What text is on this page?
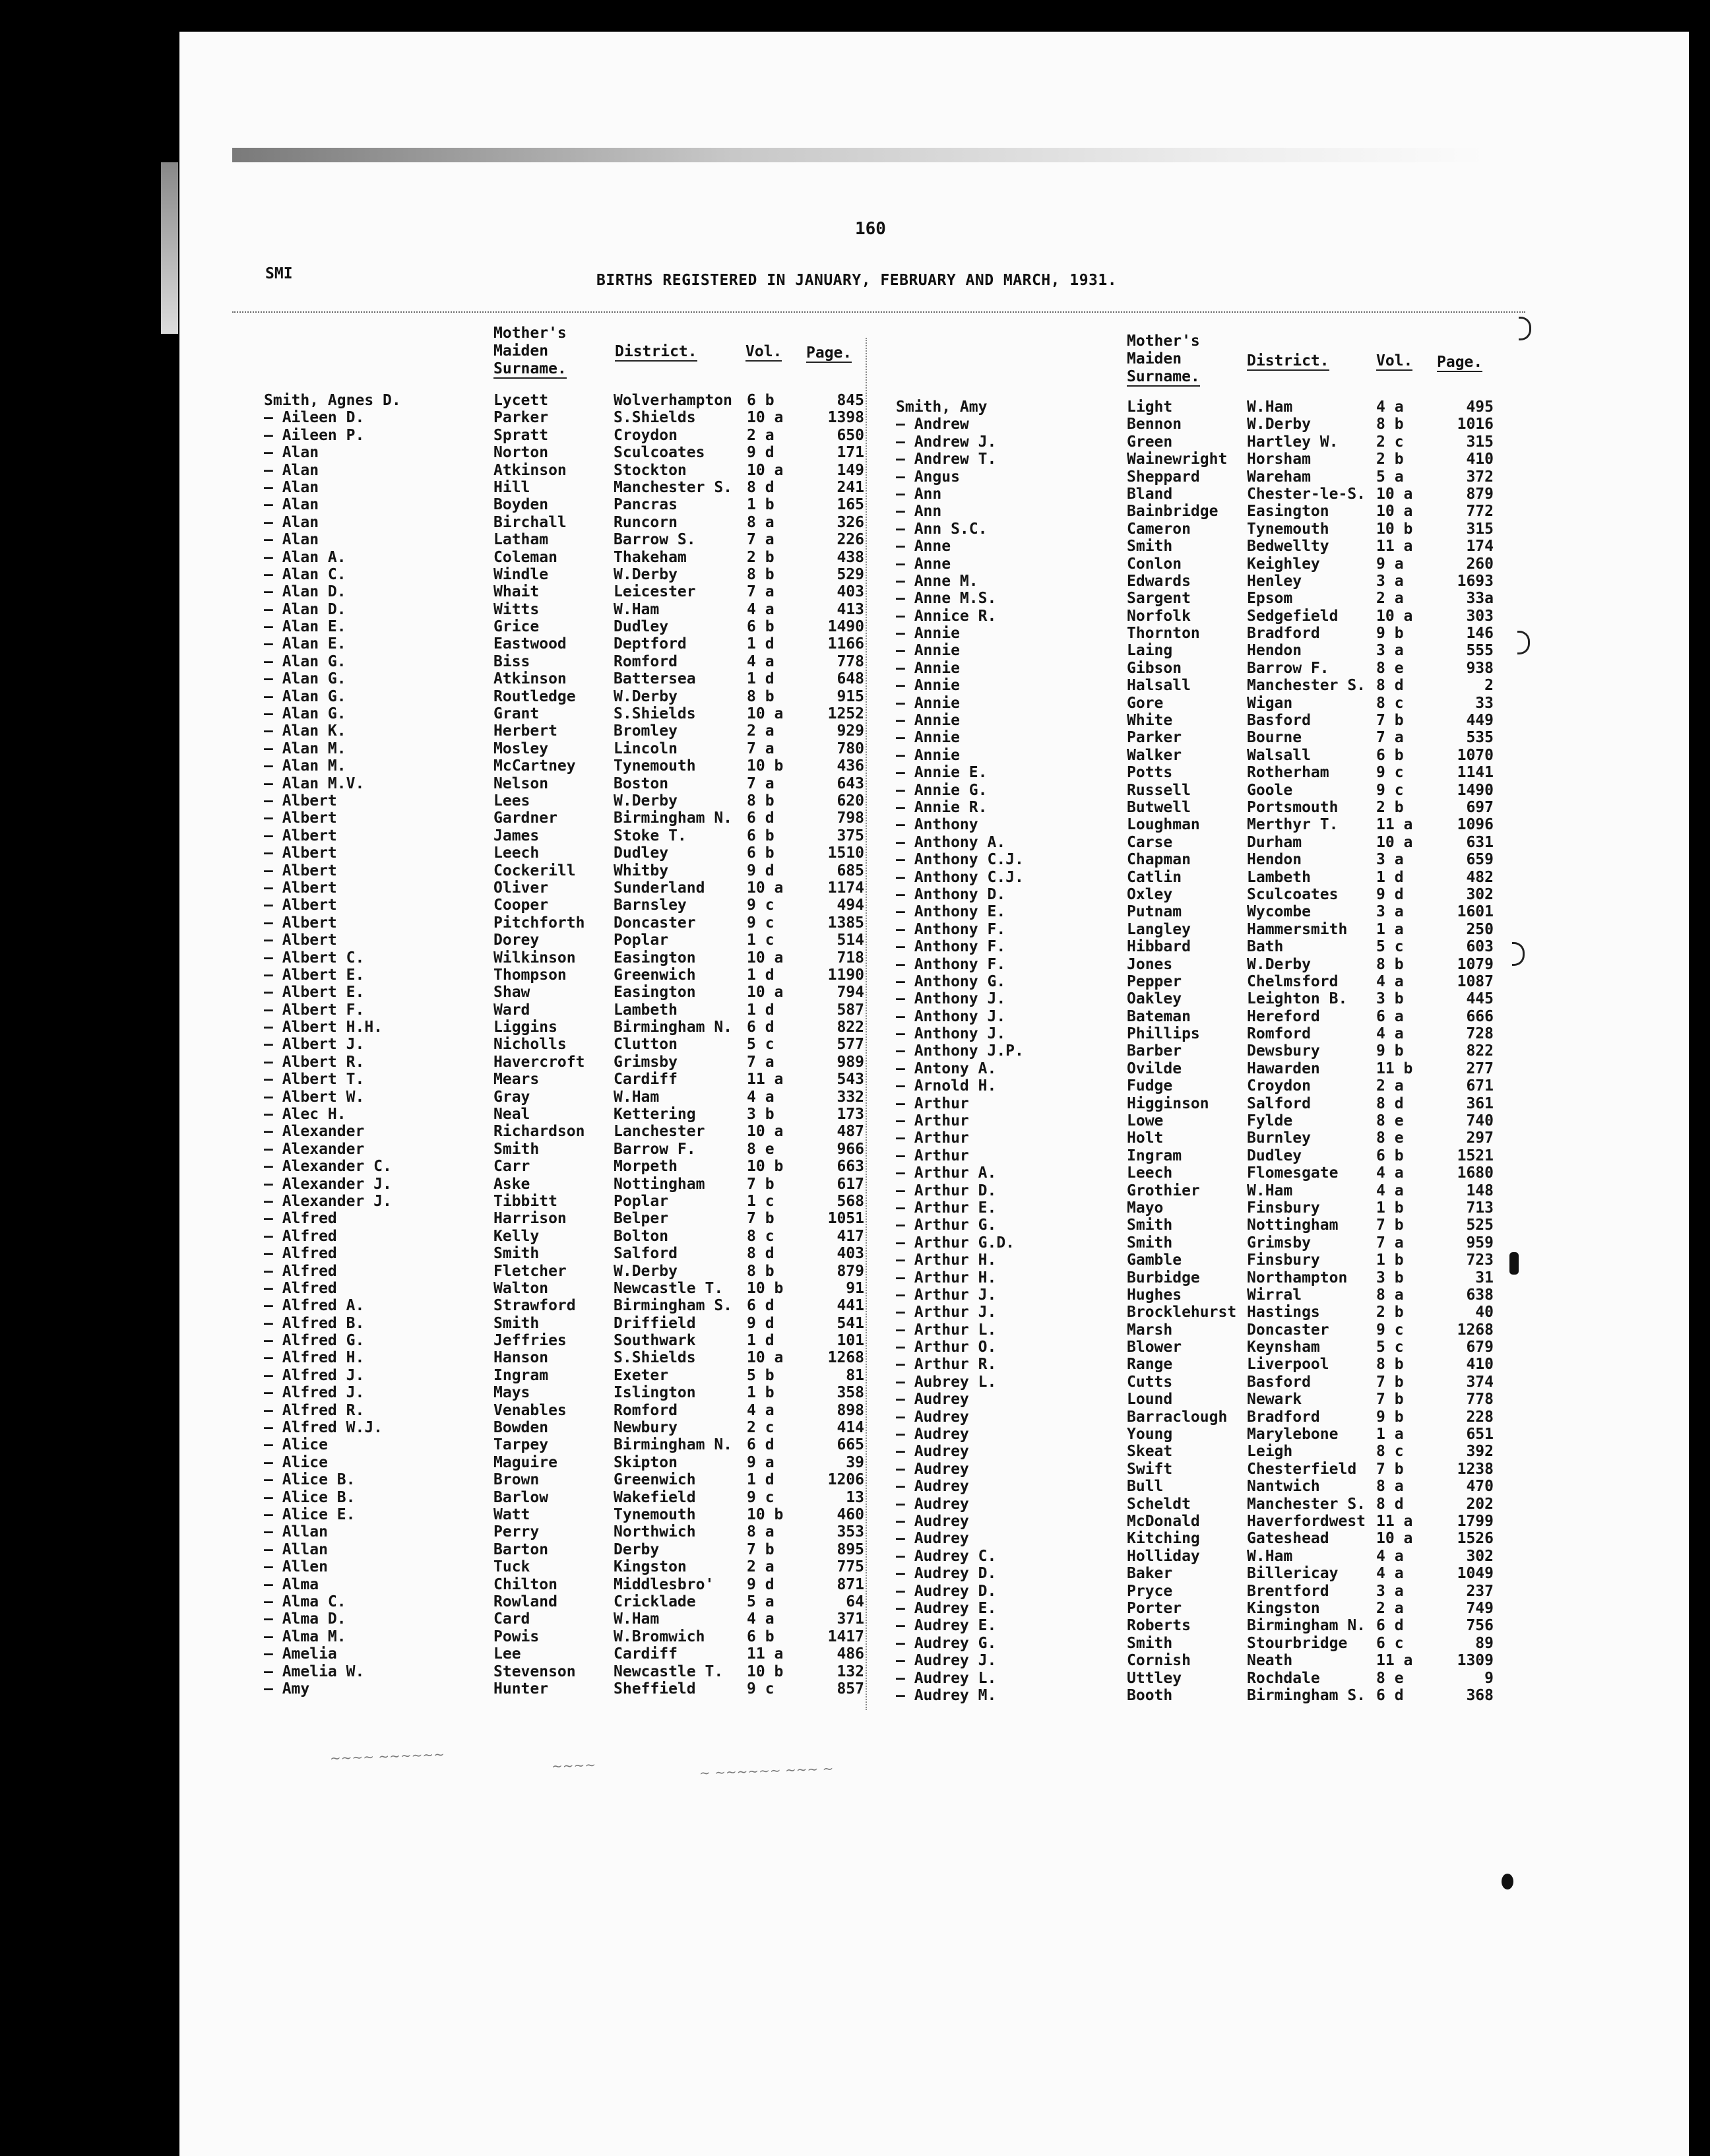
160
SMI	BIRTHS REGISTERED IN JANUARY, FEBRUARY AND MARCH, 1931.
Mother's
Maiden
Surname.
District.	Vol. Page.
Mother's
Maiden
Surname.
District.	Vol. Page.
Smith, Agnes D.	Lycett	Wolverhampton 6 b	845
— Aileen D.	Parker	S.Shields	10 a	1398
— Aileen P.	Spratt	Croydon	2 a	650
— Alan	Norton	Sculcoates	9 d	171
— Alan	Atkinson	Stockton	10 a	149
— Alan	Hill	Manchester S. 8 d	241
— Alan	Boyden	Pancras	1 b	165
— Alan	Birchall	Runcorn	8 a	326
— Alan	Latham	Barrow S.	7 a	226
— Alan A.	Coleman	Thakeham	2 b	438
— Alan C.	Windle	W.Derby	8 b	529
— Alan D.	Whait	Leicester	7 a	403
— Alan D.	Witts	W.Ham	4 a	413
— Alan E.	Grice	Dudley	6 b	1490
— Alan E.	Eastwood	Deptford	1 d	1166
— Alan G.	Biss	Romford	4 a	778
— Alan G.	Atkinson	Battersea	1 d	648
— Alan G.	Routledge W.Derby	8 b	915
— Alan G.	Grant	S.Shields	10 a	1252
— Alan K.	Herbert	Bromley	2 a	929
— Alan M.	Mosley	Lincoln	7 a	780
— Alan M.	McCartney Tynemouth	10 b	436
— Alan M.V.	Nelson	Boston	7 a	643
— Albert	Lees	W.Derby	8 b	620
— Albert	Gardner	Birmingham N. 6 d	798
— Albert	James	Stoke T.	6 b	375
— Albert	Leech	Dudley	6 b	1510
— Albert	Cockerill Whitby	9 d	685
— Albert	Oliver	Sunderland	10 a	1174
— Albert	Cooper	Barnsley	9 c	494
— Albert	Pitchforth Doncaster	9 c	1385
— Albert	Dorey	Poplar	1 c	514
— Albert C.	Wilkinson Easington	10 a	718
— Albert E.	Thompson	Greenwich	1 d	1190
— Albert E.	Shaw	Easington	10 a	794
— Albert F.	Ward	Lambeth	1 d	587
— Albert H.H.	Liggins	Birmingham N. 6 d	822
— Albert J.	Nicholls	Clutton	5 c	577
— Albert R.	Havercroft Grimsby	7 a	989
— Albert T.	Mears	Cardiff	11 a	543
— Albert W.	Gray	W.Ham	4 a	332
— Alec H.	Neal	Kettering	3 b	173
— Alexander	Richardson Lanchester	10 a	487
— Alexander	Smith	Barrow F.	8 e	966
— Alexander C.	Carr	Morpeth	10 b	663
— Alexander J.	Aske	Nottingham	7 b	617
— Alexander J.	Tibbitt	Poplar	1 c	568
— Alfred	Harrison	Belper	7 b	1051
— Alfred	Kelly	Bolton	8 c	417
— Alfred	Smith	Salford	8 d	403
— Alfred	Fletcher	W.Derby	8 b	879
— Alfred	Walton	Newcastle T. 10 b	91
— Alfred A.	Strawford Birmingham S. 6 d	441
— Alfred B.	Smith	Driffield	9 d	541
— Alfred G.	Jeffries	Southwark	1 d	101
— Alfred H.	Hanson	S.Shields	10 a	1268
— Alfred J.	Ingram	Exeter	5 b	81
— Alfred J.	Mays	Islington	1 b	358
— Alfred R.	Venables	Romford	4 a	898
— Alfred W.J.	Bowden	Newbury	2 c	414
— Alice	Tarpey	Birmingham N. 6 d	665
— Alice	Maguire	Skipton	9 a	39
— Alice B.	Brown	Greenwich	1 d	1206
— Alice B.	Barlow	Wakefield	9 c	13
— Alice E.	Watt	Tynemouth	10 b	460
— Allan	Perry	Northwich	8 a	353
— Allan	Barton	Derby	7 b	895
— Allen	Tuck	Kingston	2 a	775
— Alma	Chilton	Middlesbro' 9 d	871
— Alma C.	Rowland	Cricklade	5 a	64
— Alma D.	Card	W.Ham	4 a	371
— Alma M.	Powis	W.Bromwich	6 b	1417
— Amelia	Lee	Cardiff	11 a	486
— Amelia W.	Stevenson Newcastle T. 10 b	132
— Amy	Hunter	Sheffield	9 c	857
Smith, Amy	Light	W.Ham	4 a	495
— Andrew	Bennon	W.Derby	8 b	1016
— Andrew J.	Green	Hartley W.	2 c	315
— Andrew T.	Wainewright Horsham	2 b	410
— Angus	Sheppard	Wareham	5 a	372
— Ann	Bland	Chester-le-S. 10 a	879
— Ann	Bainbridge Easington	10 a	772
— Ann S.C.	Cameron	Tynemouth	10 b	315
— Anne	Smith	Bedwellty	11 a	174
— Anne	Conlon	Keighley	9 a	260
— Anne M.	Edwards	Henley	3 a	1693
— Anne M.S.	Sargent	Epsom	2 a	33a
— Annice R.	Norfolk	Sedgefield	10 a	303
— Annie	Thornton	Bradford	9 b	146
— Annie	Laing	Hendon	3 a	555
— Annie	Gibson	Barrow F.	8 e	938
— Annie	Halsall	Manchester S. 8 d	2
— Annie	Gore	Wigan	8 c	33
— Annie	White	Basford	7 b	449
— Annie	Parker	Bourne	7 a	535
— Annie	Walker	Walsall	6 b	1070
— Annie E.	Potts	Rotherham	9 c	1141
— Annie G.	Russell	Goole	9 c	1490
— Annie R.	Butwell	Portsmouth	2 b	697
— Anthony	Loughman	Merthyr T.	11 a	1096
— Anthony A.	Carse	Durham	10 a	631
— Anthony C.J.	Chapman	Hendon	3 a	659
— Anthony C.J.	Catlin	Lambeth	1 d	482
— Anthony D.	Oxley	Sculcoates	9 d	302
— Anthony E.	Putnam	Wycombe	3 a	1601
— Anthony F.	Langley	Hammersmith 1 a	250
— Anthony F.	Hibbard	Bath	5 c	603
— Anthony F.	Jones	W.Derby	8 b	1079
— Anthony G.	Pepper	Chelmsford	4 a	1087
— Anthony J.	Oakley	Leighton B. 3 b	445
— Anthony J.	Bateman	Hereford	6 a	666
— Anthony J.	Phillips	Romford	4 a	728
— Anthony J.P.	Barber	Dewsbury	9 b	822
— Antony A.	Ovilde	Hawarden	11 b	277
— Arnold H.	Fudge	Croydon	2 a	671
— Arthur	Higginson Salford	8 d	361
— Arthur	Lowe	Fylde	8 e	740
— Arthur	Holt	Burnley	8 e	297
— Arthur	Ingram	Dudley	6 b	1521
— Arthur A.	Leech	Flomesgate	4 a	1680
— Arthur D.	Grothier	W.Ham	4 a	148
— Arthur E.	Mayo	Finsbury	1 b	713
— Arthur G.	Smith	Nottingham	7 b	525
— Arthur G.D.	Smith	Grimsby	7 a	959
— Arthur H.	Gamble	Finsbury	1 b	723
— Arthur H.	Burbidge	Northampton 3 b	31
— Arthur J.	Hughes	Wirral	8 a	638
— Arthur J.	Brocklehurst Hastings	2 b	40
— Arthur L.	Marsh	Doncaster	9 c	1268
— Arthur O.	Blower	Keynsham	5 c	679
— Arthur R.	Range	Liverpool	8 b	410
— Aubrey L.	Cutts	Basford	7 b	374
— Audrey	Lound	Newark	7 b	778
— Audrey	Barraclough Bradford	9 b	228
— Audrey	Young	Marylebone	1 a	651
— Audrey	Skeat	Leigh	8 c	392
— Audrey	Swift	Chesterfield 7 b	1238
— Audrey	Bull	Nantwich	8 a	470
— Audrey	Scheldt	Manchester S. 8 d	202
— Audrey	McDonald	Haverfordwest 11 a	1799
— Audrey	Kitching	Gateshead	10 a	1526
— Audrey C.	Holliday	W.Ham	4 a	302
— Audrey D.	Baker	Billericay	4 a	1049
— Audrey D.	Pryce	Brentford	3 a	237
— Audrey E.	Porter	Kingston	2 a	749
— Audrey E.	Roberts	Birmingham N. 6 d	756
— Audrey G.	Smith	Stourbridge 6 c	89
— Audrey J.	Cornish	Neath	11 a	1309
— Audrey L.	Uttley	Rochdale	8 e	9
— Audrey M.	Booth	Birmingham S. 6 d	368
~~~~ ~~~~~~	~~~~	~ ~~~~~~ ~~~ ~
